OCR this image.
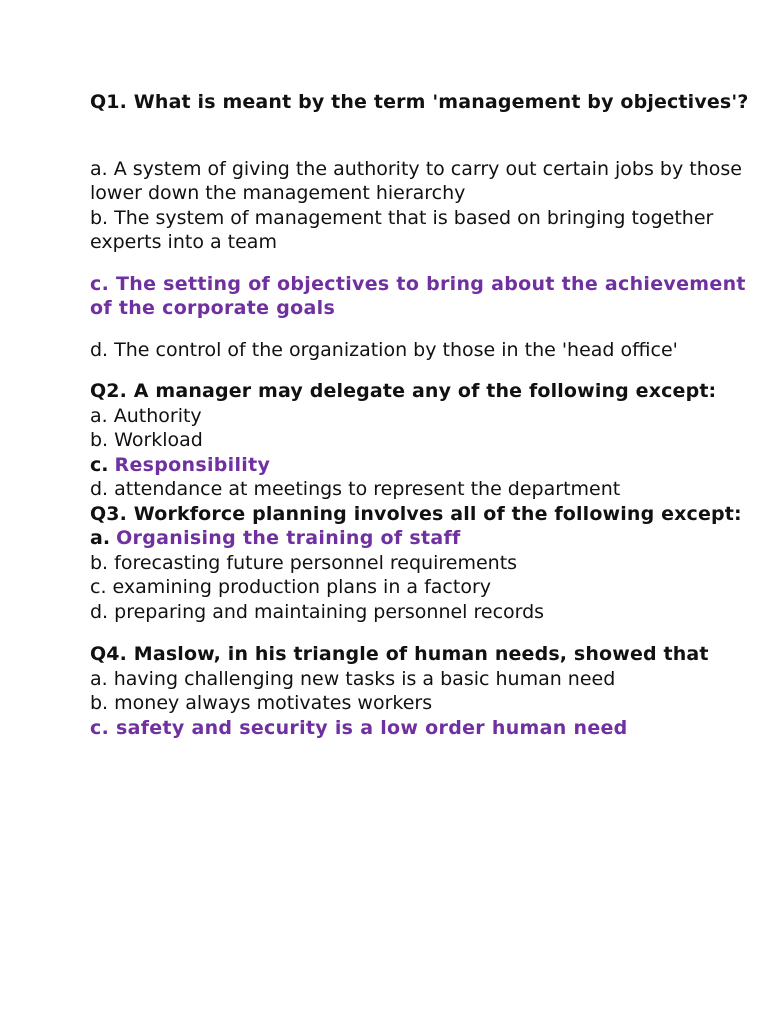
Q1. What is meant by the term 'management by objectives'?

a. A system of giving the authority to carry out certain jobs by those lower down the management hierarchy

b. The system of management that is based on bringing together experts into a team

c. The setting of objectives to bring about the achievement of the corporate goals

d. The control of the organization by those in the 'head office'

Q2. A manager may delegate any of the following except:

a. Authority

b. Workload

c. Responsibility

d. attendance at meetings to represent the department

Q3. Workforce planning involves all of the following except:

a. Organising the training of staff

b. forecasting future personnel requirements

c. examining production plans in a factory

d. preparing and maintaining personnel records

Q4. Maslow, in his triangle of human needs, showed that

a. having challenging new tasks is a basic human need

b. money always motivates workers

c. safety and security is a low order human need
